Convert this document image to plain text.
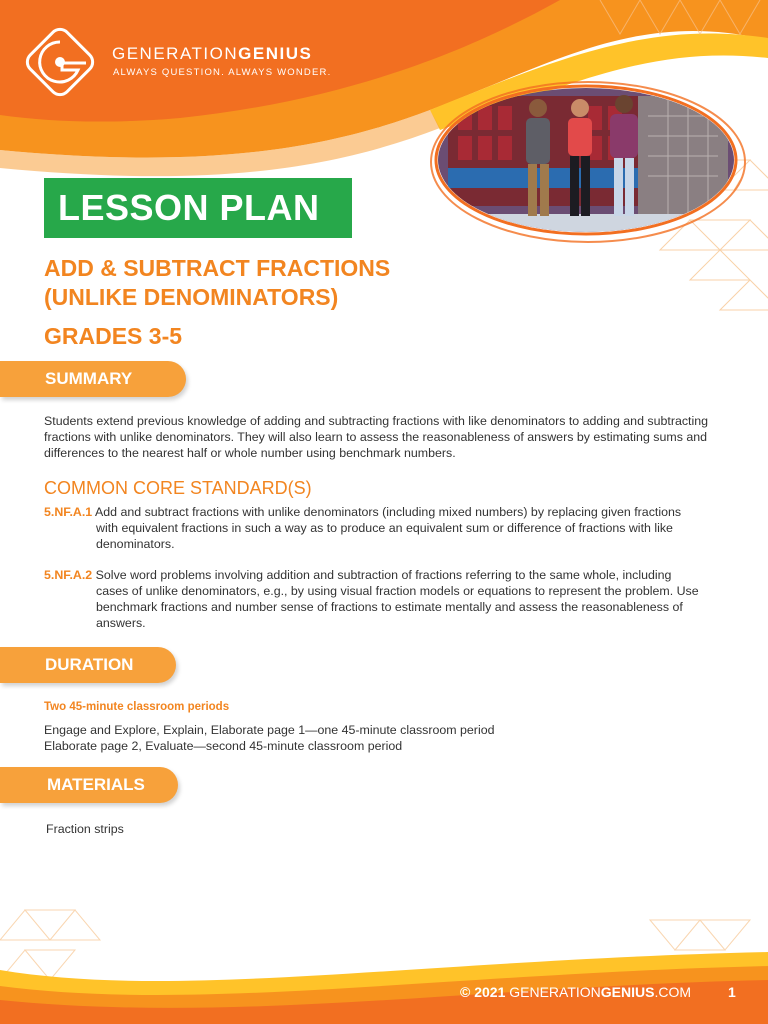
GENERATIONGENIUS
ALWAYS QUESTION. ALWAYS WONDER.
LESSON PLAN
ADD & SUBTRACT FRACTIONS
(UNLIKE DENOMINATORS)
GRADES 3-5
SUMMARY
Students extend previous knowledge of adding and subtracting fractions with like denominators to adding and subtracting fractions with unlike denominators. They will also learn to assess the reasonableness of answers by estimating sums and differences to the nearest half or whole number using benchmark numbers.
COMMON CORE STANDARD(S)
5.NF.A.1 Add and subtract fractions with unlike denominators (including mixed numbers) by replacing given fractions
with equivalent fractions in such a way as to produce an equivalent sum or difference of fractions with like denominators.
5.NF.A.2 Solve word problems involving addition and subtraction of fractions referring to the same whole, including
cases of unlike denominators, e.g., by using visual fraction models or equations to represent the problem. Use benchmark fractions and number sense of fractions to estimate mentally and assess the reasonableness of answers.
DURATION
Two 45-minute classroom periods
Engage and Explore, Explain, Elaborate page 1—one 45-minute classroom period
Elaborate page 2, Evaluate—second 45-minute classroom period
MATERIALS
Fraction strips
© 2021 GENERATIONGENIUS.COM	1
